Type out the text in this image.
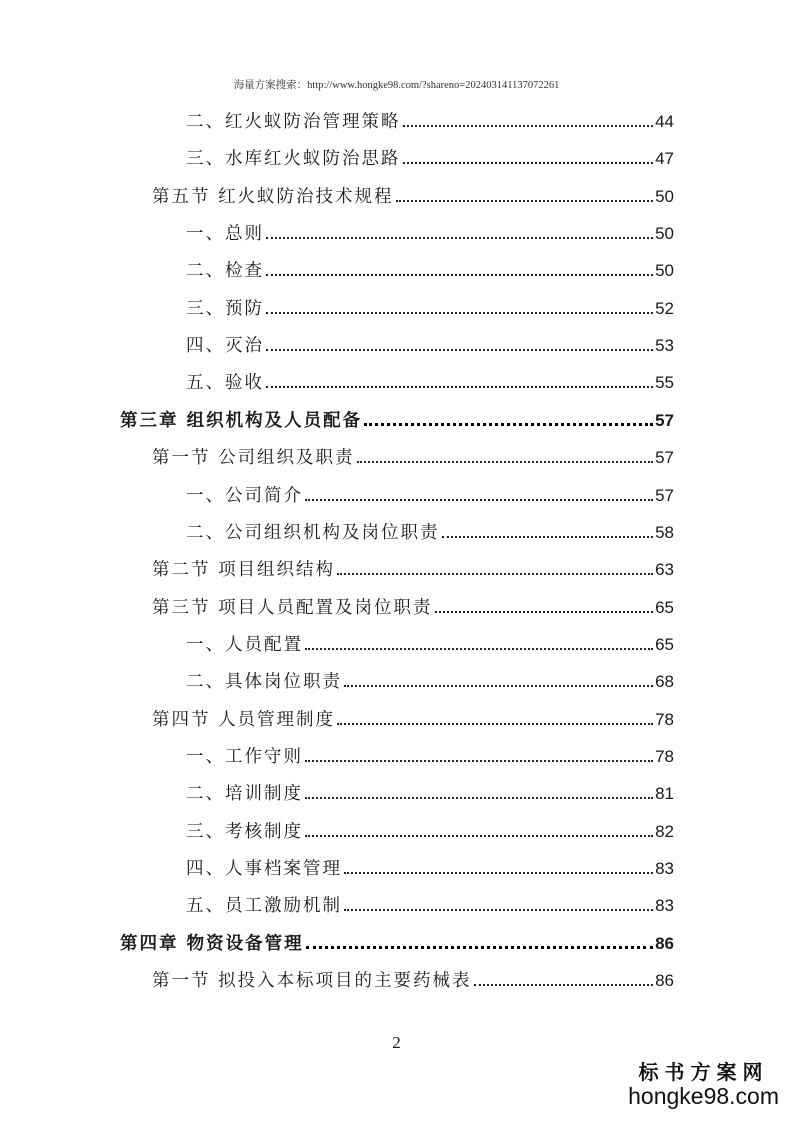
海量方案搜索：http://www.hongke98.com/?shareno=20240314113707226​1
二、红火蚁防治管理策略	44
三、水库红火蚁防治思路	47
第五节 红火蚁防治技术规程	50
一、总则	50
二、检查	50
三、预防	52
四、灭治	53
五、验收	55
第三章 组织机构及人员配备	57
第一节 公司组织及职责	57
一、公司简介	57
二、公司组织机构及岗位职责	58
第二节 项目组织结构	63
第三节 项目人员配置及岗位职责	65
一、人员配置	65
二、具体岗位职责	68
第四节 人员管理制度	78
一、工作守则	78
二、培训制度	81
三、考核制度	82
四、人事档案管理	83
五、员工激励机制	83
第四章 物资设备管理	86
第一节 拟投入本标项目的主要药械表	86
2
标书方案网
hongke98.com
